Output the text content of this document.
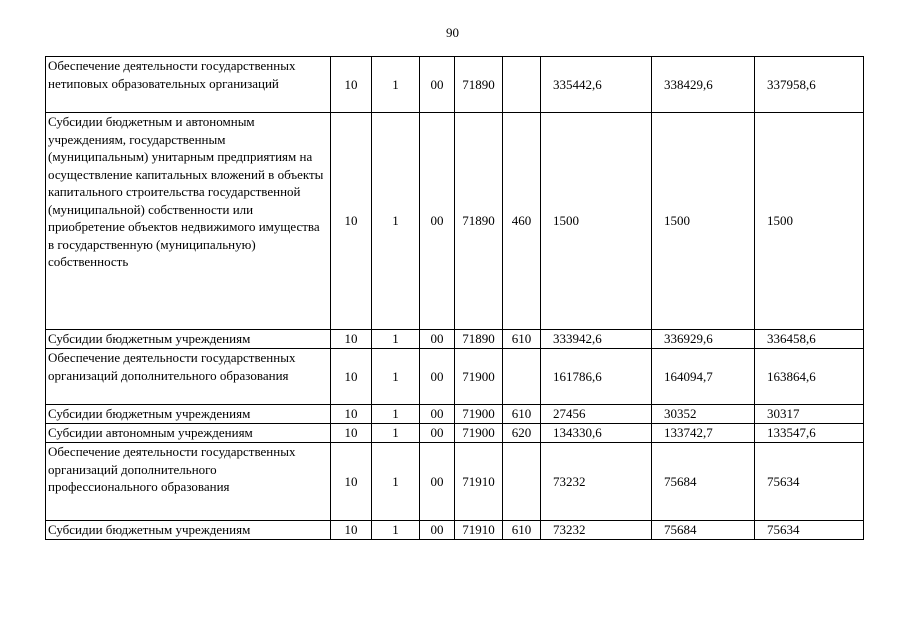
90
Обеспечение деятельности государственных нетиповых образовательных организаций	10	1	00	71890		335442,6	338429,6	337958,6
Субсидии бюджетным и автономным учреждениям, государственным (муниципальным) унитарным предприятиям на осуществление капитальных вложений в объекты капитального строительства государственной (муниципальной) собственности или приобретение объектов недвижимого имущества в государственную (муниципальную) собственность	10	1	00	71890	460	1500	1500	1500
Субсидии бюджетным учреждениям	10	1	00	71890	610	333942,6	336929,6	336458,6
Обеспечение деятельности государственных организаций дополнительного образования	10	1	00	71900		161786,6	164094,7	163864,6
Субсидии бюджетным учреждениям	10	1	00	71900	610	27456	30352	30317
Субсидии автономным учреждениям	10	1	00	71900	620	134330,6	133742,7	133547,6
Обеспечение деятельности государственных организаций дополнительного профессионального образования	10	1	00	71910		73232	75684	75634
Субсидии бюджетным учреждениям	10	1	00	71910	610	73232	75684	75634
